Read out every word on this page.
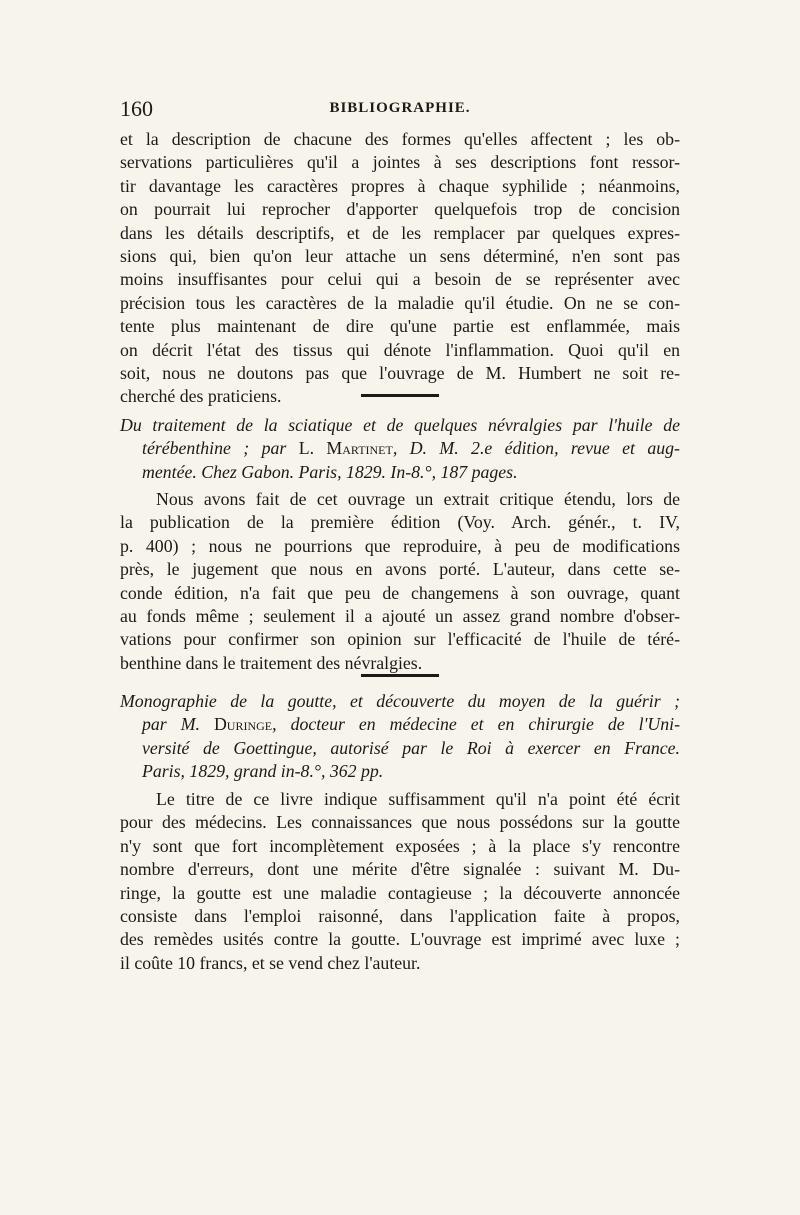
160	BIBLIOGRAPHIE.
et la description de chacune des formes qu'elles affectent ; les ob-
servations particulières qu'il a jointes à ses descriptions font ressor-
tir davantage les caractères propres à chaque syphilide ; néanmoins,
on pourrait lui reprocher d'apporter quelquefois trop de concision
dans les détails descriptifs, et de les remplacer par quelques expres-
sions qui, bien qu'on leur attache un sens déterminé, n'en sont pas
moins insuffisantes pour celui qui a besoin de se représenter avec
précision tous les caractères de la maladie qu'il étudie. On ne se con-
tente plus maintenant de dire qu'une partie est enflammée, mais
on décrit l'état des tissus qui dénote l'inflammation. Quoi qu'il en
soit, nous ne doutons pas que l'ouvrage de M. Humbert ne soit re-
cherché des praticiens.
Du traitement de la sciatique et de quelques névralgies par l'huile de
térébenthine ; par L. Martinet, D. M. 2.e édition, revue et aug-
mentée. Chez Gabon. Paris, 1829. In-8.°, 187 pages.
Nous avons fait de cet ouvrage un extrait critique étendu, lors de
la publication de la première édition (Voy. Arch. génér., t. IV,
p. 400) ; nous ne pourrions que reproduire, à peu de modifications
près, le jugement que nous en avons porté. L'auteur, dans cette se-
conde édition, n'a fait que peu de changemens à son ouvrage, quant
au fonds même ; seulement il a ajouté un assez grand nombre d'obser-
vations pour confirmer son opinion sur l'efficacité de l'huile de téré-
benthine dans le traitement des névralgies.
Monographie de la goutte, et découverte du moyen de la guérir ;
par M. Duringe, docteur en médecine et en chirurgie de l'Uni-
versité de Goettingue, autorisé par le Roi à exercer en France.
Paris, 1829, grand in-8.°, 362 pp.
Le titre de ce livre indique suffisamment qu'il n'a point été écrit
pour des médecins. Les connaissances que nous possédons sur la goutte
n'y sont que fort incomplètement exposées ; à la place s'y rencontre
nombre d'erreurs, dont une mérite d'être signalée : suivant M. Du-
ringe, la goutte est une maladie contagieuse ; la découverte annoncée
consiste dans l'emploi raisonné, dans l'application faite à propos,
des remèdes usités contre la goutte. L'ouvrage est imprimé avec luxe ;
il coûte 10 francs, et se vend chez l'auteur.
